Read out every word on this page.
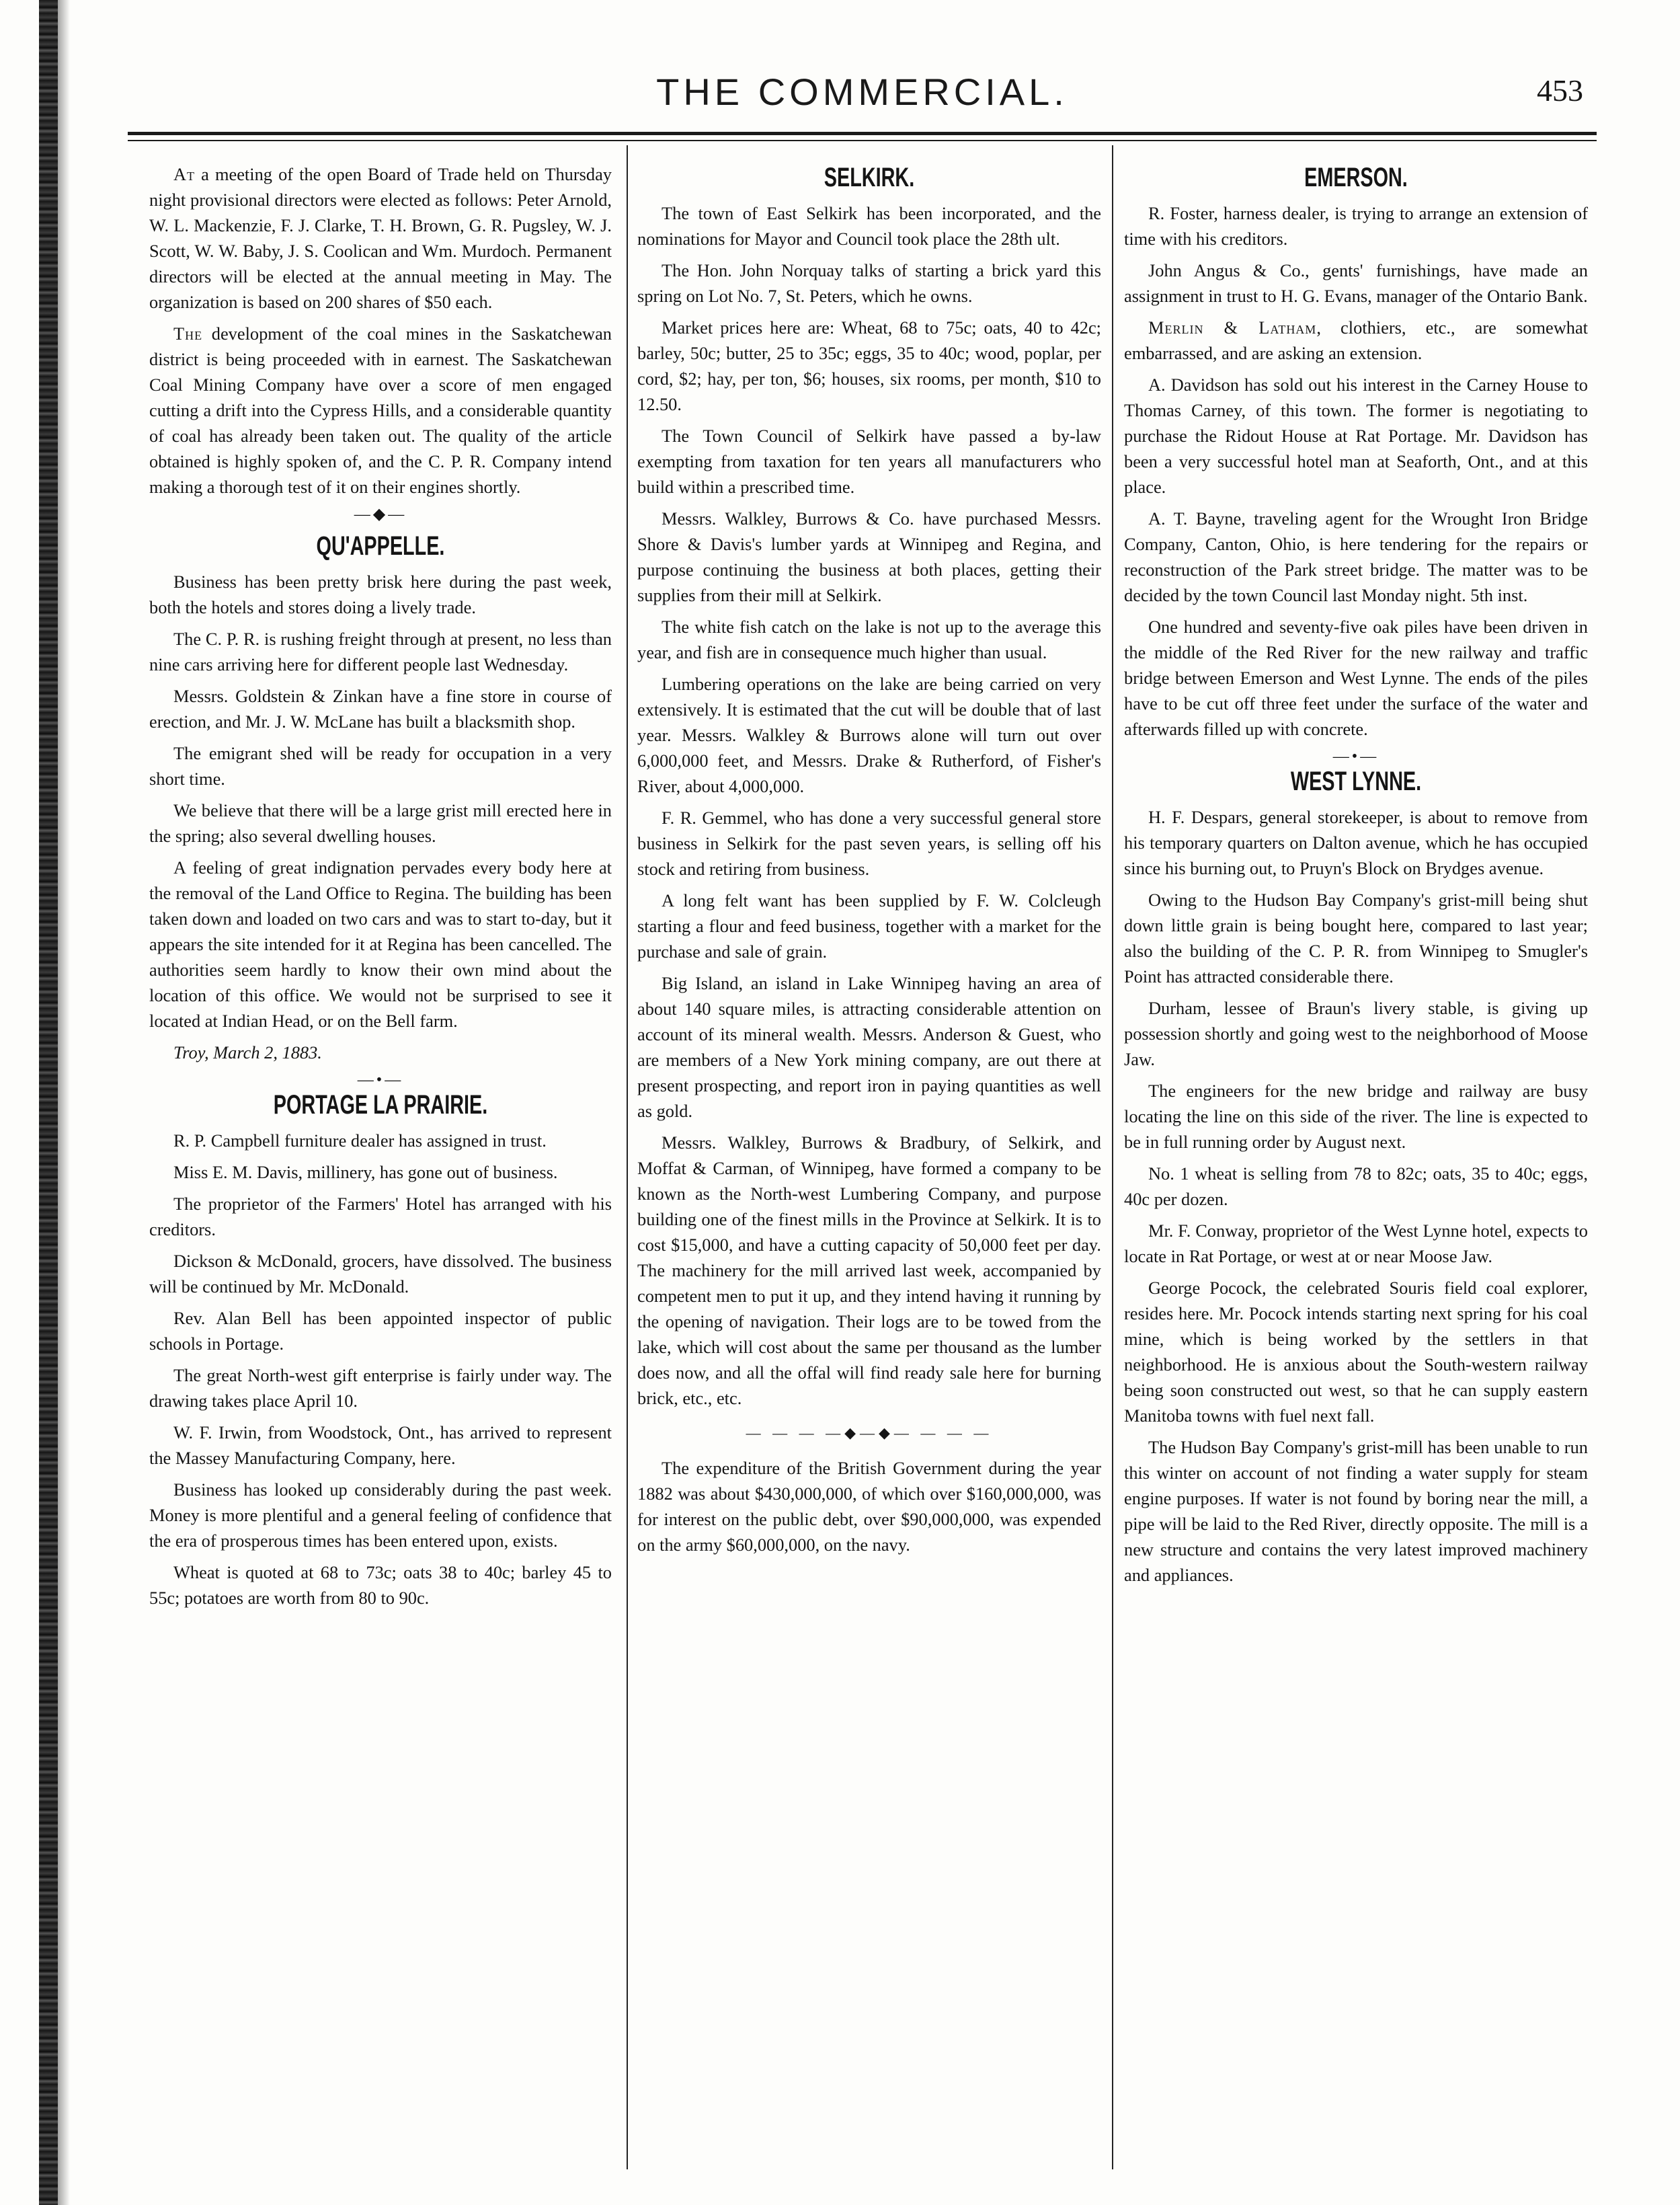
THE COMMERCIAL.	453

At a meeting of the open Board of Trade held on Thursday night provisional directors were elected as follows: Peter Arnold, W. L. Mackenzie, F. J. Clarke, T. H. Brown, G. R. Pugsley, W. J. Scott, W. W. Baby, J. S. Coolican and Wm. Murdoch. Permanent directors will be elected at the annual meeting in May. The organization is based on 200 shares of $50 each.

The development of the coal mines in the Saskatchewan district is being proceeded with in earnest. The Saskatchewan Coal Mining Company have over a score of men engaged cutting a drift into the Cypress Hills, and a considerable quantity of coal has already been taken out. The quality of the article obtained is highly spoken of, and the C. P. R. Company intend making a thorough test of it on their engines shortly.

—◆—
QU'APPELLE.

Business has been pretty brisk here during the past week, both the hotels and stores doing a lively trade.

The C. P. R. is rushing freight through at present, no less than nine cars arriving here for different people last Wednesday.

Messrs. Goldstein & Zinkan have a fine store in course of erection, and Mr. J. W. McLane has built a blacksmith shop.

The emigrant shed will be ready for occupation in a very short time.

We believe that there will be a large grist mill erected here in the spring; also several dwelling houses.

A feeling of great indignation pervades every body here at the removal of the Land Office to Regina. The building has been taken down and loaded on two cars and was to start to-day, but it appears the site intended for it at Regina has been cancelled. The authorities seem hardly to know their own mind about the location of this office. We would not be surprised to see it located at Indian Head, or on the Bell farm.

Troy, March 2, 1883.

—•—
PORTAGE LA PRAIRIE.

R. P. Campbell furniture dealer has assigned in trust.

Miss E. M. Davis, millinery, has gone out of business.

The proprietor of the Farmers' Hotel has arranged with his creditors.

Dickson & McDonald, grocers, have dissolved. The business will be continued by Mr. McDonald.

Rev. Alan Bell has been appointed inspector of public schools in Portage.

The great North-west gift enterprise is fairly under way. The drawing takes place April 10.

W. F. Irwin, from Woodstock, Ont., has arrived to represent the Massey Manufacturing Company, here.

Business has looked up considerably during the past week. Money is more plentiful and a general feeling of confidence that the era of prosperous times has been entered upon, exists.

Wheat is quoted at 68 to 73c; oats 38 to 40c; barley 45 to 55c; potatoes are worth from 80 to 90c.

SELKIRK.

The town of East Selkirk has been incorporated, and the nominations for Mayor and Council took place the 28th ult.

The Hon. John Norquay talks of starting a brick yard this spring on Lot No. 7, St. Peters, which he owns.

Market prices here are: Wheat, 68 to 75c; oats, 40 to 42c; barley, 50c; butter, 25 to 35c; eggs, 35 to 40c; wood, poplar, per cord, $2; hay, per ton, $6; houses, six rooms, per month, $10 to 12.50.

The Town Council of Selkirk have passed a by-law exempting from taxation for ten years all manufacturers who build within a prescribed time.

Messrs. Walkley, Burrows & Co. have purchased Messrs. Shore & Davis's lumber yards at Winnipeg and Regina, and purpose continuing the business at both places, getting their supplies from their mill at Selkirk.

The white fish catch on the lake is not up to the average this year, and fish are in consequence much higher than usual.

Lumbering operations on the lake are being carried on very extensively. It is estimated that the cut will be double that of last year. Messrs. Walkley & Burrows alone will turn out over 6,000,000 feet, and Messrs. Drake & Rutherford, of Fisher's River, about 4,000,000.

F. R. Gemmel, who has done a very successful general store business in Selkirk for the past seven years, is selling off his stock and retiring from business.

A long felt want has been supplied by F. W. Colcleugh starting a flour and feed business, together with a market for the purchase and sale of grain.

Big Island, an island in Lake Winnipeg having an area of about 140 square miles, is attracting considerable attention on account of its mineral wealth. Messrs. Anderson & Guest, who are members of a New York mining company, are out there at present prospecting, and report iron in paying quantities as well as gold.

Messrs. Walkley, Burrows & Bradbury, of Selkirk, and Moffat & Carman, of Winnipeg, have formed a company to be known as the North-west Lumbering Company, and purpose building one of the finest mills in the Province at Selkirk. It is to cost $15,000, and have a cutting capacity of 50,000 feet per day. The machinery for the mill arrived last week, accompanied by competent men to put it up, and they intend having it running by the opening of navigation. Their logs are to be towed from the lake, which will cost about the same per thousand as the lumber does now, and all the offal will find ready sale here for burning brick, etc., etc.

— — — —◆—◆— — — —

The expenditure of the British Government during the year 1882 was about $430,000,000, of which over $160,000,000, was for interest on the public debt, over $90,000,000, was expended on the army $60,000,000, on the navy.

EMERSON.

R. Foster, harness dealer, is trying to arrange an extension of time with his creditors.

John Angus & Co., gents' furnishings, have made an assignment in trust to H. G. Evans, manager of the Ontario Bank.

Merlin & Latham, clothiers, etc., are somewhat embarrassed, and are asking an extension.

A. Davidson has sold out his interest in the Carney House to Thomas Carney, of this town. The former is negotiating to purchase the Ridout House at Rat Portage. Mr. Davidson has been a very successful hotel man at Seaforth, Ont., and at this place.

A. T. Bayne, traveling agent for the Wrought Iron Bridge Company, Canton, Ohio, is here tendering for the repairs or reconstruction of the Park street bridge. The matter was to be decided by the town Council last Monday night. 5th inst.

One hundred and seventy-five oak piles have been driven in the middle of the Red River for the new railway and traffic bridge between Emerson and West Lynne. The ends of the piles have to be cut off three feet under the surface of the water and afterwards filled up with concrete.

—•—
WEST LYNNE.

H. F. Despars, general storekeeper, is about to remove from his temporary quarters on Dalton avenue, which he has occupied since his burning out, to Pruyn's Block on Brydges avenue.

Owing to the Hudson Bay Company's grist-mill being shut down little grain is being bought here, compared to last year; also the building of the C. P. R. from Winnipeg to Smugler's Point has attracted considerable there.

Durham, lessee of Braun's livery stable, is giving up possession shortly and going west to the neighborhood of Moose Jaw.

The engineers for the new bridge and railway are busy locating the line on this side of the river. The line is expected to be in full running order by August next.

No. 1 wheat is selling from 78 to 82c; oats, 35 to 40c; eggs, 40c per dozen.

Mr. F. Conway, proprietor of the West Lynne hotel, expects to locate in Rat Portage, or west at or near Moose Jaw.

George Pocock, the celebrated Souris field coal explorer, resides here. Mr. Pocock intends starting next spring for his coal mine, which is being worked by the settlers in that neighborhood. He is anxious about the South-western railway being soon constructed out west, so that he can supply eastern Manitoba towns with fuel next fall.

The Hudson Bay Company's grist-mill has been unable to run this winter on account of not finding a water supply for steam engine purposes. If water is not found by boring near the mill, a pipe will be laid to the Red River, directly opposite. The mill is a new structure and contains the very latest improved machinery and appliances.
